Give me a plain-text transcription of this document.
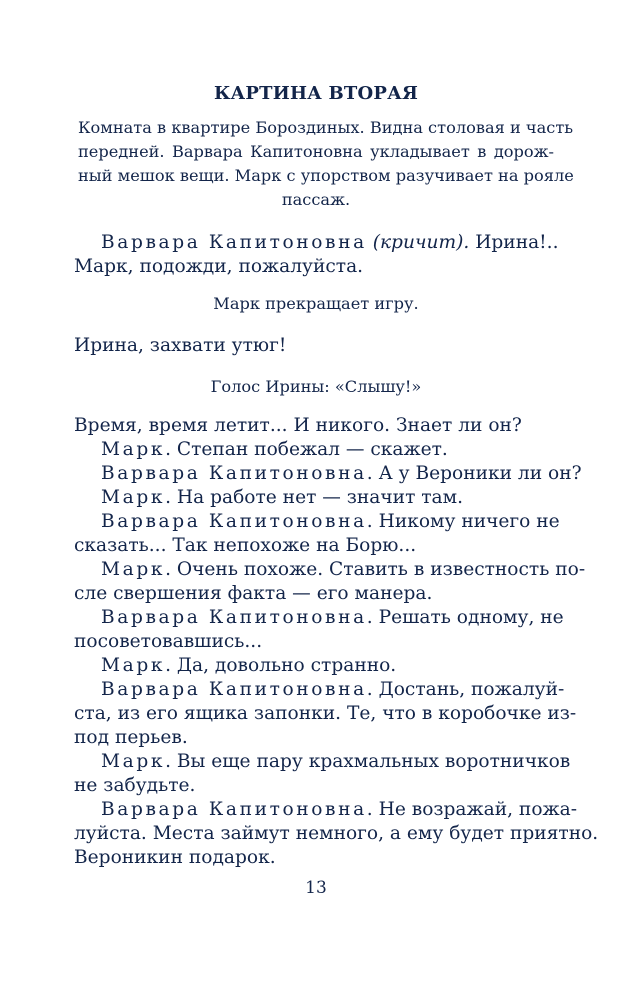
КАРТИНА ВТОРАЯ
Комната в квартире Бороздиных. Видна столовая и часть
передней. Варвара Капитоновна укладывает в дорож-
ный мешок вещи. Марк с упорством разучивает на рояле
пассаж.
Варвара Капитоновна (кричит). Ирина!..
Марк, подожди, пожалуйста.
Марк прекращает игру.
Ирина, захвати утюг!
Голос Ирины: «Слышу!»
Время, время летит... И никого. Знает ли он?
Марк. Степан побежал — скажет.
Варвара Капитоновна. А у Вероники ли он?
Марк. На работе нет — значит там.
Варвара Капитоновна. Никому ничего не
сказать... Так непохоже на Борю...
Марк. Очень похоже. Ставить в известность по-
сле свершения факта — его манера.
Варвара Капитоновна. Решать одному, не
посоветовавшись...
Марк. Да, довольно странно.
Варвара Капитоновна. Достань, пожалуй-
ста, из его ящика запонки. Те, что в коробочке из-
под перьев.
Марк. Вы еще пару крахмальных воротничков
не забудьте.
Варвара Капитоновна. Не возражай, пожа-
луйста. Места займут немного, а ему будет приятно.
Вероникин подарок.
13
